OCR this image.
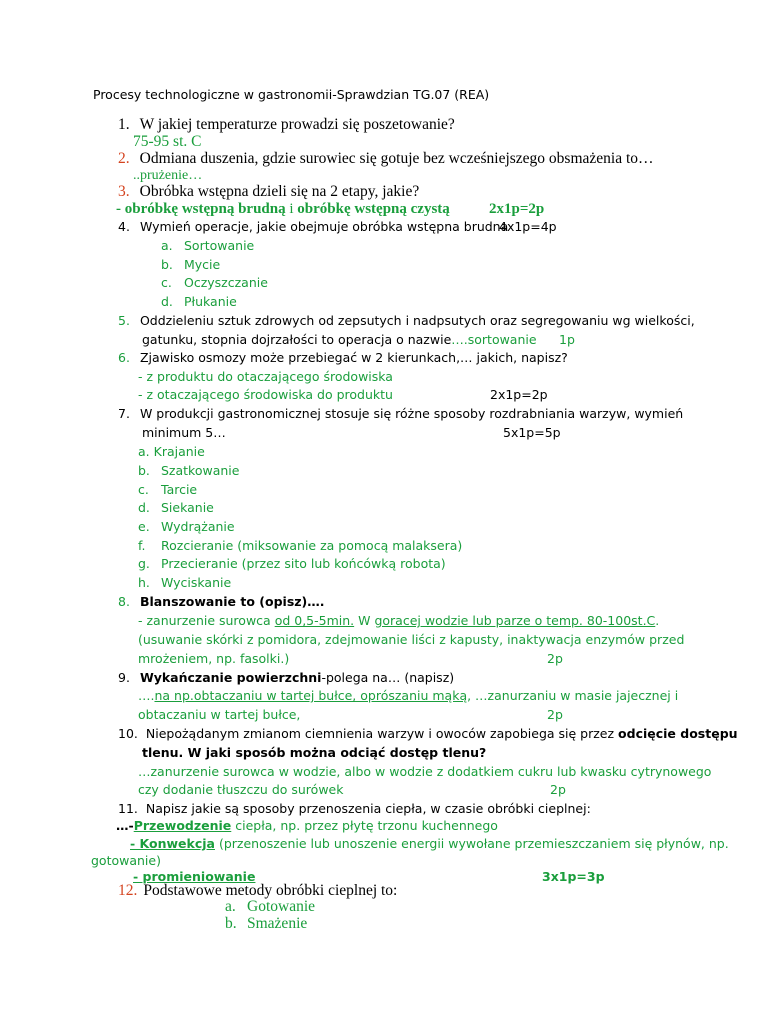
Procesy technologiczne w gastronomii-Sprawdzian TG.07 (REA)
1. W jakiej temperaturze prowadzi się poszetowanie?
75-95 st. C
2. Odmiana duszenia, gdzie surowiec się gotuje bez wcześniejszego obsmażenia to…
..prużenie…
3. Obróbka wstępna dzieli się na 2 etapy, jakie?
- obróbkę wstępną brudną i obróbkę wstępną czystą	2x1p=2p
4. Wymień operacje, jakie obejmuje obróbka wstępna brudna
4x1p=4p
a. Sortowanie
b. Mycie
c. Oczyszczanie
d. Płukanie
5. Oddzieleniu sztuk zdrowych od zepsutych i nadpsutych oraz segregowaniu wg wielkości,
gatunku, stopnia dojrzałości to operacja o nazwie….sortowanie 1p
6. Zjawisko osmozy może przebiegać w 2 kierunkach,… jakich, napisz?
- z produktu do otaczającego środowiska
- z otaczającego środowiska do produktu	2x1p=2p
7. W produkcji gastronomicznej stosuje się różne sposoby rozdrabniania warzyw, wymień
minimum 5…	5x1p=5p
a. Krajanie
b. Szatkowanie
c. Tarcie
d. Siekanie
e. Wydrążanie
f. Rozcieranie (miksowanie za pomocą malaksera)
g. Przecieranie (przez sito lub końcówką robota)
h. Wyciskanie
8. Blanszowanie to (opisz)….
- zanurzenie surowca od 0,5-5min. W goracej wodzie lub parze o temp. 80-100st.C.
(usuwanie skórki z pomidora, zdejmowanie liści z kapusty, inaktywacja enzymów przed
mrożeniem, np. fasolki.)	2p
9. Wykańczanie powierzchni-polega na… (napisz)
….na np.obtaczaniu w tartej bułce, oprószaniu mąką, …zanurzaniu w masie jajecznej i
obtaczaniu w tartej bułce,	2p
10. Niepożądanym zmianom ciemnienia warzyw i owoców zapobiega się przez odcięcie dostępu
tlenu. W jaki sposób można odciąć dostęp tlenu?
…zanurzenie surowca w wodzie, albo w wodzie z dodatkiem cukru lub kwasku cytrynowego
czy dodanie tłuszczu do surówek	2p
11. Napisz jakie są sposoby przenoszenia ciepła, w czasie obróbki cieplnej:
…-Przewodzenie ciepła, np. przez płytę trzonu kuchennego
- Konwekcja (przenoszenie lub unoszenie energii wywołane przemieszczaniem się płynów, np.
gotowanie)
- promieniowanie	3x1p=3p
12. Podstawowe metody obróbki cieplnej to:
a. Gotowanie
b. Smażenie
